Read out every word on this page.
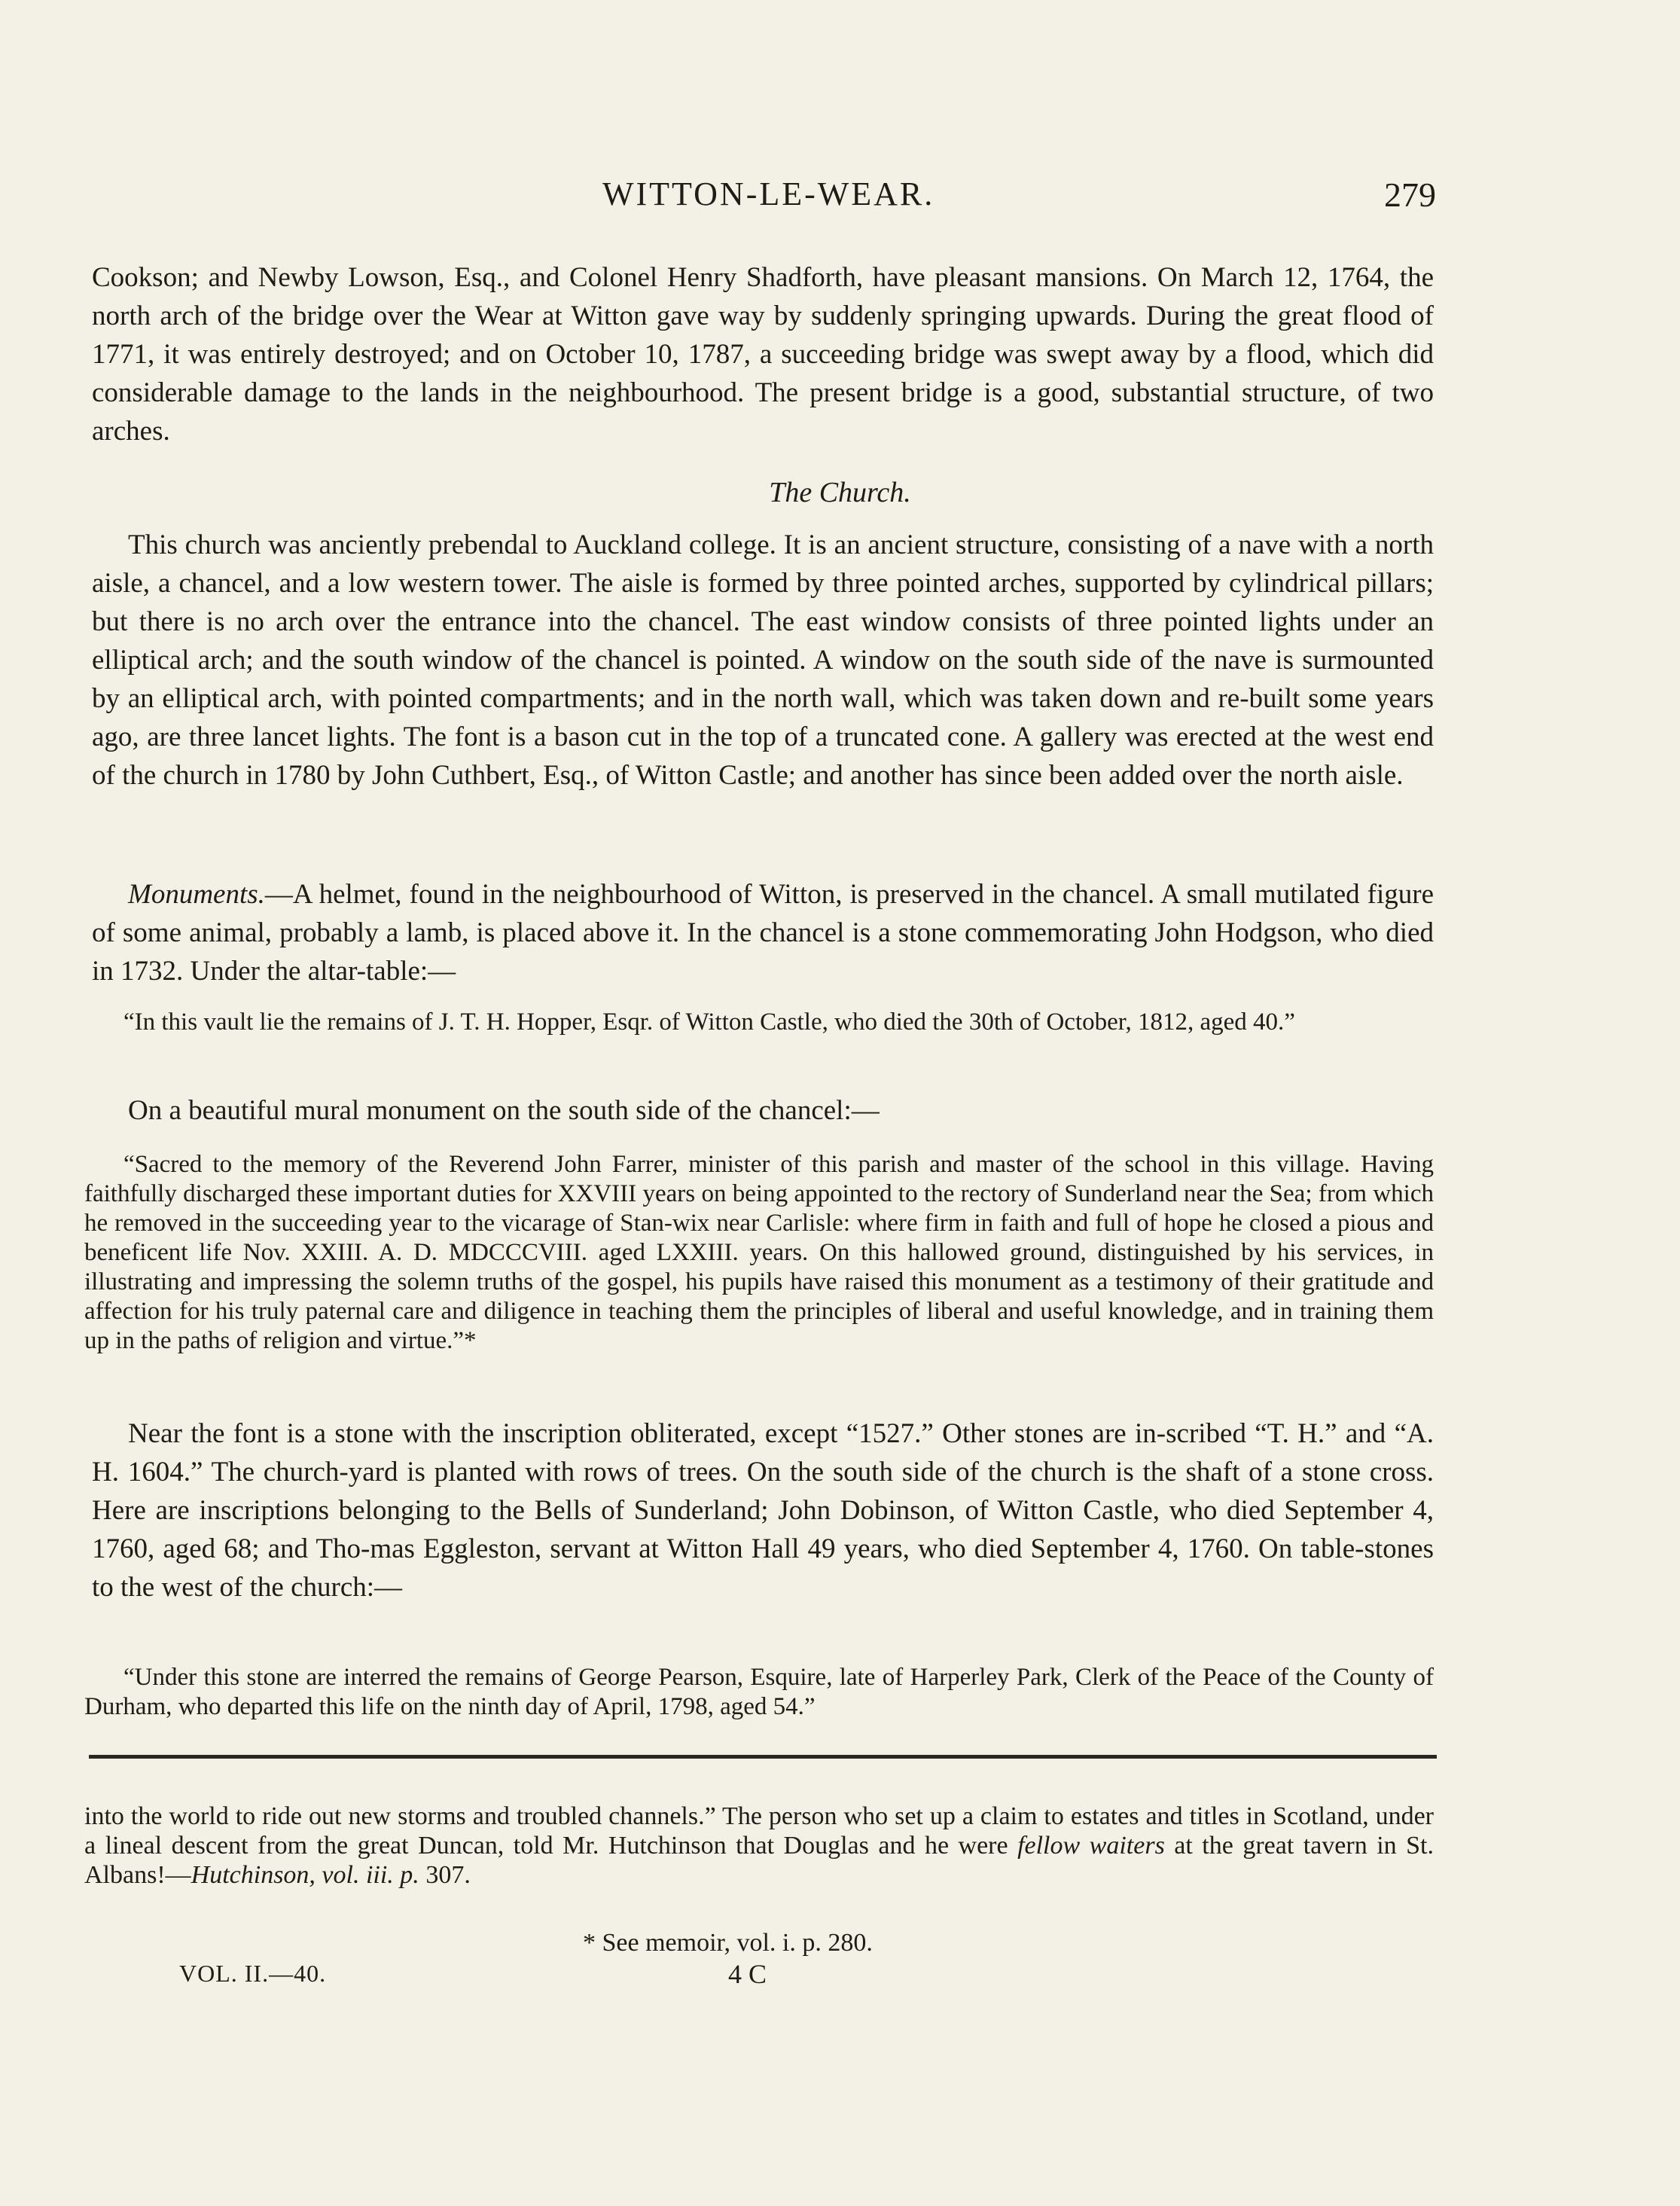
WITTON-LE-WEAR.	279

Cookson; and Newby Lowson, Esq., and Colonel Henry Shadforth, have pleasant mansions. On March 12, 1764, the north arch of the bridge over the Wear at Witton gave way by suddenly springing upwards. During the great flood of 1771, it was entirely destroyed; and on October 10, 1787, a succeeding bridge was swept away by a flood, which did considerable damage to the lands in the neighbourhood. The present bridge is a good, substantial structure, of two arches.

The Church.

This church was anciently prebendal to Auckland college. It is an ancient structure, consisting of a nave with a north aisle, a chancel, and a low western tower. The aisle is formed by three pointed arches, supported by cylindrical pillars; but there is no arch over the entrance into the chancel. The east window consists of three pointed lights under an elliptical arch; and the south window of the chancel is pointed. A window on the south side of the nave is surmounted by an elliptical arch, with pointed compartments; and in the north wall, which was taken down and re-built some years ago, are three lancet lights. The font is a bason cut in the top of a truncated cone. A gallery was erected at the west end of the church in 1780 by John Cuthbert, Esq., of Witton Castle; and another has since been added over the north aisle.

Monuments.—A helmet, found in the neighbourhood of Witton, is preserved in the chancel. A small mutilated figure of some animal, probably a lamb, is placed above it. In the chancel is a stone commemorating John Hodgson, who died in 1732. Under the altar-table:—

“In this vault lie the remains of J. T. H. Hopper, Esqr. of Witton Castle, who died the 30th of October, 1812, aged 40.”

On a beautiful mural monument on the south side of the chancel:—

“Sacred to the memory of the Reverend John Farrer, minister of this parish and master of the school in this village. Having faithfully discharged these important duties for XXVIII years on being appointed to the rectory of Sunderland near the Sea; from which he removed in the succeeding year to the vicarage of Stan-wix near Carlisle: where firm in faith and full of hope he closed a pious and beneficent life Nov. XXIII. A. D. MDCCCVIII. aged LXXIII. years. On this hallowed ground, distinguished by his services, in illustrating and impressing the solemn truths of the gospel, his pupils have raised this monument as a testimony of their gratitude and affection for his truly paternal care and diligence in teaching them the principles of liberal and useful knowledge, and in training them up in the paths of religion and virtue.”*

Near the font is a stone with the inscription obliterated, except “1527.” Other stones are in-scribed “T. H.” and “A. H. 1604.” The church-yard is planted with rows of trees. On the south side of the church is the shaft of a stone cross. Here are inscriptions belonging to the Bells of Sunderland; John Dobinson, of Witton Castle, who died September 4, 1760, aged 68; and Tho-mas Eggleston, servant at Witton Hall 49 years, who died September 4, 1760. On table-stones to the west of the church:—

“Under this stone are interred the remains of George Pearson, Esquire, late of Harperley Park, Clerk of the Peace of the County of Durham, who departed this life on the ninth day of April, 1798, aged 54.”

into the world to ride out new storms and troubled channels.” The person who set up a claim to estates and titles in Scotland, under a lineal descent from the great Duncan, told Mr. Hutchinson that Douglas and he were fellow waiters at the great tavern in St. Albans!—Hutchinson, vol. iii. p. 307.

* See memoir, vol. i. p. 280.
VOL. II.—40.	4 C
